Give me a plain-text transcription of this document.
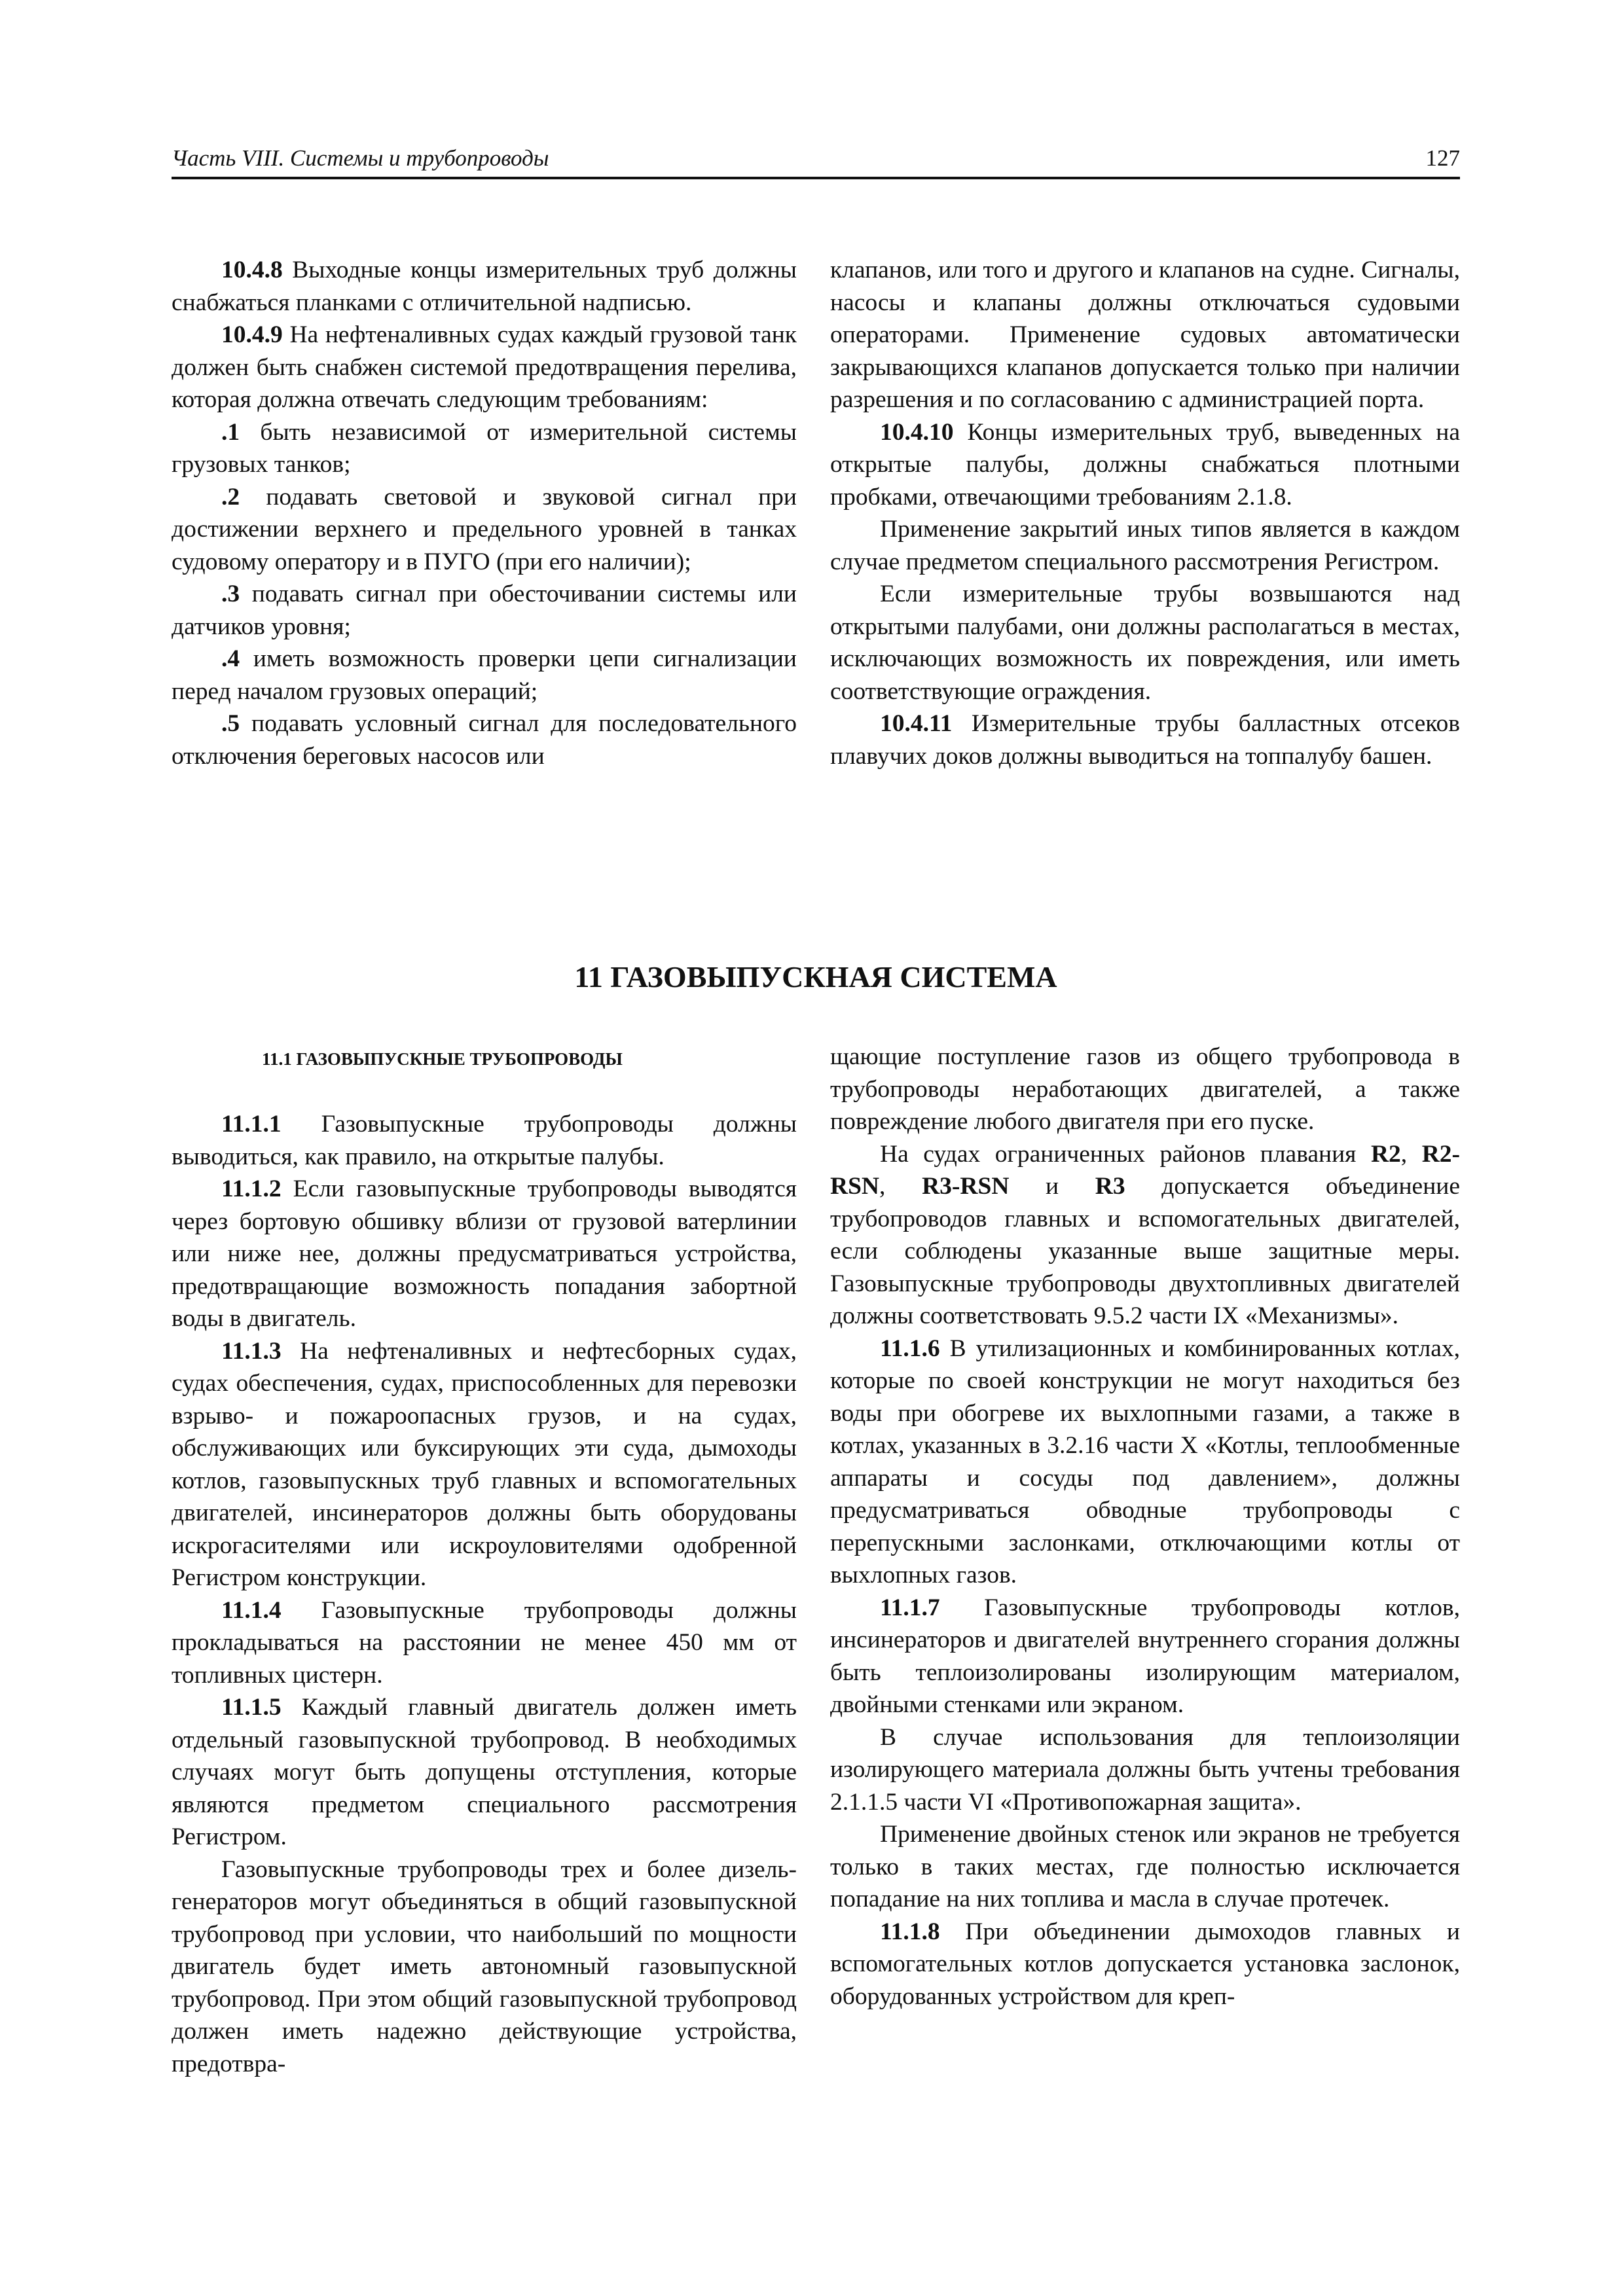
Часть VIII. Системы и трубопроводы	127

10.4.8 Выходные концы измерительных труб должны снабжаться планками с отличительной надписью.

10.4.9 На нефтеналивных судах каждый грузовой танк должен быть снабжен системой предотвращения перелива, которая должна отвечать следующим требованиям:

.1 быть независимой от измерительной системы грузовых танков;

.2 подавать световой и звуковой сигнал при достижении верхнего и предельного уровней в танках судовому оператору и в ПУГО (при его наличии);

.3 подавать сигнал при обесточивании системы или датчиков уровня;

.4 иметь возможность проверки цепи сигнализации перед началом грузовых операций;

.5 подавать условный сигнал для последовательного отключения береговых насосов или

клапанов, или того и другого и клапанов на судне. Сигналы, насосы и клапаны должны отключаться судовыми операторами. Применение судовых автоматически закрывающихся клапанов допускается только при наличии разрешения и по согласованию с администрацией порта.

10.4.10 Концы измерительных труб, выведенных на открытые палубы, должны снабжаться плотными пробками, отвечающими требованиям 2.1.8.

Применение закрытий иных типов является в каждом случае предметом специального рассмотрения Регистром.

Если измерительные трубы возвышаются над открытыми палубами, они должны располагаться в местах, исключающих возможность их повреждения, или иметь соответствующие ограждения.

10.4.11 Измерительные трубы балластных отсеков плавучих доков должны выводиться на топпалубу башен.

11 ГАЗОВЫПУСКНАЯ СИСТЕМА
11.1 ГАЗОВЫПУСКНЫЕ ТРУБОПРОВОДЫ

11.1.1 Газовыпускные трубопроводы должны выводиться, как правило, на открытые палубы.

11.1.2 Если газовыпускные трубопроводы выводятся через бортовую обшивку вблизи от грузовой ватерлинии или ниже нее, должны предусматриваться устройства, предотвращающие возможность попадания забортной воды в двигатель.

11.1.3 На нефтеналивных и нефтесборных судах, судах обеспечения, судах, приспособленных для перевозки взрыво- и пожароопасных грузов, и на судах, обслуживающих или буксирующих эти суда, дымоходы котлов, газовыпускных труб главных и вспомогательных двигателей, инсинераторов должны быть оборудованы искрогасителями или искроуловителями одобренной Регистром конструкции.

11.1.4 Газовыпускные трубопроводы должны прокладываться на расстоянии не менее 450 мм от топливных цистерн.

11.1.5 Каждый главный двигатель должен иметь отдельный газовыпускной трубопровод. В необходимых случаях могут быть допущены отступления, которые являются предметом специального рассмотрения Регистром.

Газовыпускные трубопроводы трех и более дизель-генераторов могут объединяться в общий газовыпускной трубопровод при условии, что наибольший по мощности двигатель будет иметь автономный газовыпускной трубопровод. При этом общий газовыпускной трубопровод должен иметь надежно действующие устройства, предотвра-

щающие поступление газов из общего трубопровода в трубопроводы неработающих двигателей, а также повреждение любого двигателя при его пуске.

На судах ограниченных районов плавания R2, R2-RSN, R3-RSN и R3 допускается объединение трубопроводов главных и вспомогательных двигателей, если соблюдены указанные выше защитные меры. Газовыпускные трубопроводы двухтопливных двигателей должны соответствовать 9.5.2 части IX «Механизмы».

11.1.6 В утилизационных и комбинированных котлах, которые по своей конструкции не могут находиться без воды при обогреве их выхлопными газами, а также в котлах, указанных в 3.2.16 части X «Котлы, теплообменные аппараты и сосуды под давлением», должны предусматриваться обводные трубопроводы с перепускными заслонками, отключающими котлы от выхлопных газов.

11.1.7 Газовыпускные трубопроводы котлов, инсинераторов и двигателей внутреннего сгорания должны быть теплоизолированы изолирующим материалом, двойными стенками или экраном.

В случае использования для теплоизоляции изолирующего материала должны быть учтены требования 2.1.1.5 части VI «Противопожарная защита».

Применение двойных стенок или экранов не требуется только в таких местах, где полностью исключается попадание на них топлива и масла в случае протечек.

11.1.8 При объединении дымоходов главных и вспомогательных котлов допускается установка заслонок, оборудованных устройством для креп-
